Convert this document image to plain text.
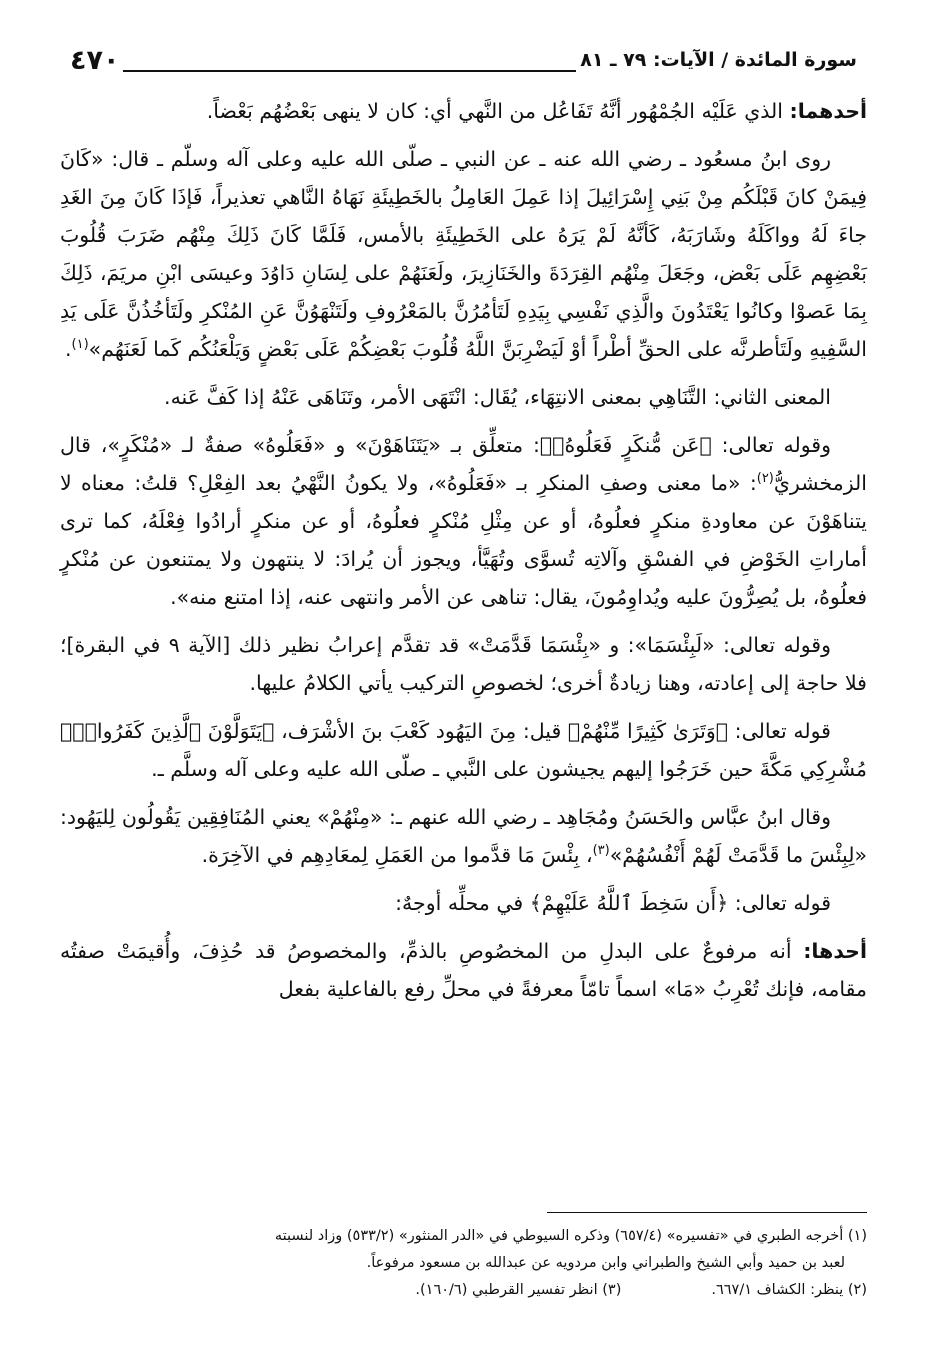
سورة المائدة / الآيات: ٧٩ ـ ٨١
٤٧٠

أحدهما: الذي عَلَيْه الجُمْهُور أنَّهُ تَفَاعُل من النَّهي أي: كان لا ينهى بَعْضُهُم بَعْضاً.

روى ابنُ مسعُود ـ رضي الله عنه ـ عن النبي ـ صلّى الله عليه وعلى آله وسلّم ـ قال: «كَانَ فِيمَنْ كانَ قَبْلَكُم مِنْ بَنِي إِسْرَائِيلَ إذا عَمِلَ العَامِلُ بالخَطِيئَةِ نَهَاهُ النَّاهي تعذيراً، فَإذَا كَانَ مِنَ الغَدِ جاءَ لَهُ وواكَلَهُ وشَارَبَهُ، كَأنَّهُ لَمْ يَرَهُ على الخَطِيئَةِ بالأمس، فَلَمَّا كَانَ ذَلِكَ مِنْهُم ضَرَبَ قُلُوبَ بَعْضِهِم عَلَى بَعْض، وجَعَلَ مِنْهُم القِرَدَةَ والخَنَازِيرَ، ولَعَنَهُمْ على لِسَانِ دَاوُدَ وعيسَى ابْنِ مريَمَ، ذَلِكَ بِمَا عَصوْا وكانُوا يَعْتَدُونَ والَّذِي نَفْسِي بِيَدِهِ لَتَأمُرُنَّ بالمَعْرُوفِ ولَتَنْهَوُنَّ عَنِ المُنْكرِ ولَتَأخُذُنَّ عَلَى يَدِ السَّفِيهِ ولَتَأطرنَّه على الحقِّ أطْراً أوْ لَيَضْرِبَنَّ اللَّهُ قُلُوبَ بَعْضِكُمْ عَلَى بَعْضٍ وَيَلْعَنُكُم كَما لَعَنَهُم»$^{(١)}$.

المعنى الثاني: التَّنَاهِي بمعنى الانتِهَاء، يُقَال: انْتَهَى الأمر، وتَنَاهَى عَنْهُ إذا كَفَّ عَنه.

وقوله تعالى: ﴿عَن مُّنكَرٍ فَعَلُوهُۚ﴾: متعلِّق بـ «يَتَنَاهَوْنَ» و «فَعَلُوهُ» صفةٌ لـ «مُنْكَرٍ»، قال الزمخشريُّ$^{(٢)}$: «ما معنى وصفِ المنكرِ بـ «فَعَلُوهُ»، ولا يكونُ النَّهْيُ بعد الفِعْلِ؟ قلتُ: معناه لا يتناهَوْنَ عن معاودةِ منكرٍ فعلُوهُ، أو عن مِثْلِ مُنْكرٍ فعلُوهُ، أو عن منكرٍ أرادُوا فِعْلَهُ، كما ترى أماراتِ الخَوْضِ في الفسْقِ وآلاتِه تُسوَّى وتُهَيَّأ، ويجوز أن يُرادَ: لا ينتهون ولا يمتنعون عن مُنْكرٍ فعلُوهُ، بل يُصِرُّونَ عليه ويُداوِمُونَ، يقال: تناهى عن الأمر وانتهى عنه، إذا امتنع منه».

وقوله تعالى: «لَبِئْسَمَا»: و «بِئْسَمَا قَدَّمَتْ» قد تقدَّم إعرابُ نظير ذلك [الآية ٩ في البقرة]؛ فلا حاجة إلى إعادته، وهنا زيادةٌ أخرى؛ لخصوصِ التركيب يأتي الكلامُ عليها.

قوله تعالى: ﴿وَتَرَىٰ كَثِيرًا مِّنْهُمْ﴾ قيل: مِنَ اليَهُود كَعْبَ بنَ الأشْرَف، ﴿يَتَوَلَّوْنَ ٱلَّذِينَ كَفَرُوا۟ۚ﴾ مُشْرِكِي مَكَّةَ حين خَرَجُوا إليهم يجيشون على النَّبي ـ صلّى الله عليه وعلى آله وسلَّم ـ.

وقال ابنُ عبَّاس والحَسَنُ ومُجَاهِد ـ رضي الله عنهم ـ: «مِنْهُمْ» يعني المُنَافِقِين يَقُولُون لِليَهُود: «لِبِئْسَ ما قَدَّمَتْ لَهُمْ أَنْفُسُهُمْ»$^{(٣)}$، بِئْسَ مَا قدَّموا من العَمَلِ لِمعَادِهِم في الآخِرَة.

قوله تعالى: ﴿أَن سَخِطَ ٱللَّهُ عَلَيْهِمْ﴾ في محلِّه أوجهٌ:

أحدها: أنه مرفوعٌ على البدلِ من المخصُوصِ بالذمِّ، والمخصوصُ قد حُذِفَ، وأُقيمَتْ صفتُه مقامه، فإنك تُعْرِبُ «مَا» اسماً تامّاً معرفةً في محلِّ رفع بالفاعلية بفعل

(١) أخرجه الطبري في «تفسيره» (٦٥٧/٤) وذكره السيوطي في «الدر المنثور» (٥٣٣/٢) وزاد لنسبته

لعبد بن حميد وأبي الشيخ والطبراني وابن مردويه عن عبدالله بن مسعود مرفوعاً.

(٢) ينظر: الكشاف ٦٦٧/١.
(٣) انظر تفسير القرطبي (١٦٠/٦).
